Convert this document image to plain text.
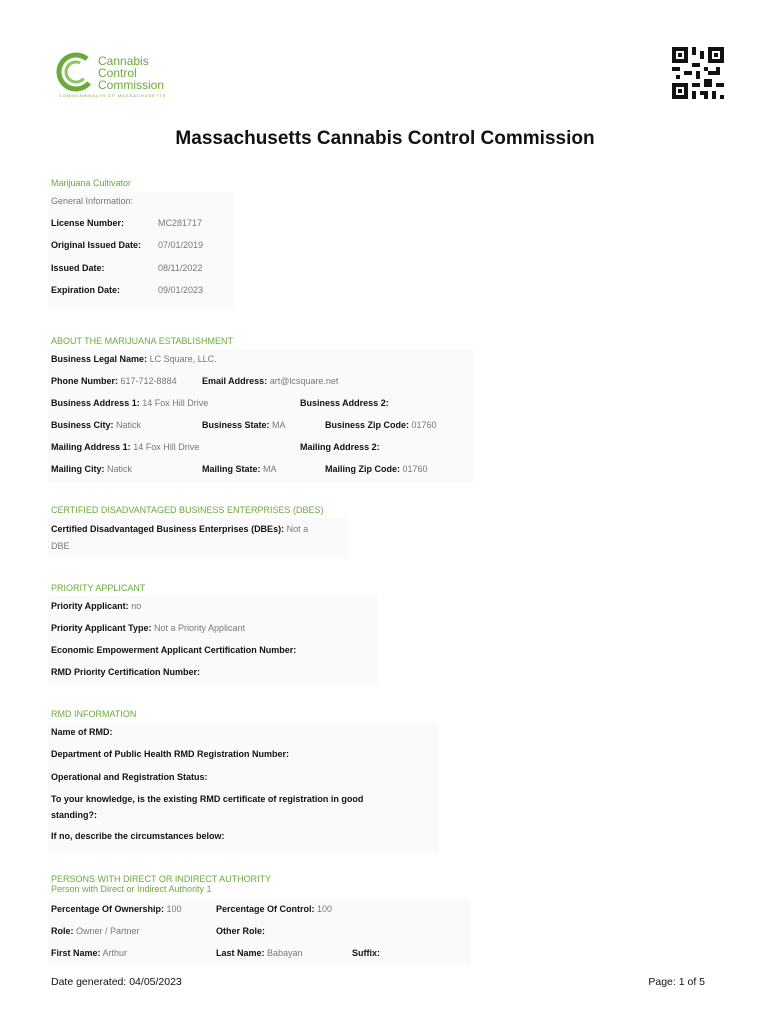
Cannabis
Control
Commission
COMMONWEALTH OF MASSACHUSETTS
Massachusetts Cannabis Control Commission
Marijuana Cultivator
General Information:
License Number:	MC281717
Original Issued Date: 07/01/2019
Issued Date:	08/11/2022
Expiration Date:	09/01/2023
ABOUT THE MARIJUANA ESTABLISHMENT
Business Legal Name: LC Square, LLC.
Phone Number: 617-712-8884	Email Address: art@lcsquare.net
Business Address 1: 14 Fox Hill Drive	Business Address 2:
Business City: Natick	Business State: MA	Business Zip Code: 01760
Mailing Address 1: 14 Fox Hill Drive	Mailing Address 2:
Mailing City: Natick	Mailing State: MA	Mailing Zip Code: 01760
CERTIFIED DISADVANTAGED BUSINESS ENTERPRISES (DBES)
Certified Disadvantaged Business Enterprises (DBEs): Not a
DBE
PRIORITY APPLICANT
Priority Applicant: no
Priority Applicant Type: Not a Priority Applicant
Economic Empowerment Applicant Certification Number:
RMD Priority Certification Number:
RMD INFORMATION
Name of RMD:
Department of Public Health RMD Registration Number:
Operational and Registration Status:
To your knowledge, is the existing RMD certificate of registration in good
standing?:
If no, describe the circumstances below:
PERSONS WITH DIRECT OR INDIRECT AUTHORITY
Person with Direct or Indirect Authority 1
Percentage Of Ownership: 100	Percentage Of Control: 100
Role: Owner / Partner	Other Role:
First Name: Arthur	Last Name: Babayan	Suffix:
Date generated: 04/05/2023	Page: 1 of 5
